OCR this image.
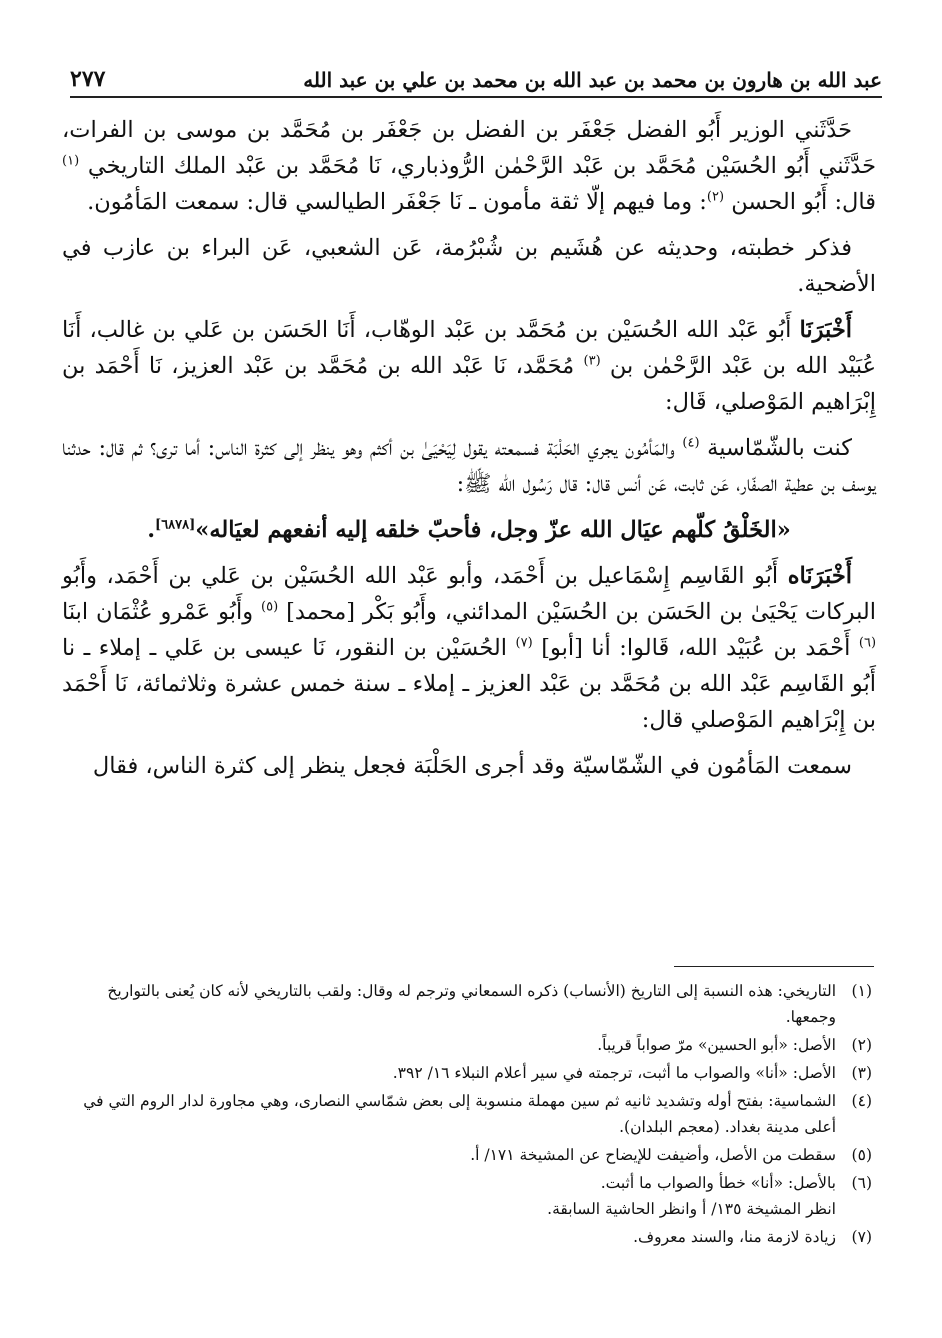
عبد الله بن هارون بن محمد بن عبد الله بن محمد بن علي بن عبد الله
٢٧٧

حَدَّثَني الوزير أَبُو الفضل جَعْفَر بن الفضل بن جَعْفَر بن مُحَمَّد بن موسى بن الفرات، حَدَّثَني أَبُو الحُسَيْن مُحَمَّد بن عَبْد الرَّحْمٰن الرُّوذباري، نَا مُحَمَّد بن عَبْد الملك التاريخي $^{(١)}$ قال: أَبُو الحسن $^{(٢)}$: وما فيهم إلّا ثقة مأمون ـ نَا جَعْفَر الطيالسي قال: سمعت المَأمُون.

فذكر خطبته، وحديثه عن هُشَيم بن شُبْرُمة، عَن الشعبي، عَن البراء بن عازب في الأضحية.

أَخْبَرَنَا أَبُو عَبْد الله الحُسَيْن بن مُحَمَّد بن عَبْد الوهّاب، أَنَا الحَسَن بن عَلي بن غالب، أَنَا عُبَيْد الله بن عَبْد الرَّحْمٰن بن $^{(٣)}$ مُحَمَّد، نَا عَبْد الله بن مُحَمَّد بن عَبْد العزيز، نَا أَحْمَد بن إِبْرَاهيم المَوْصلي، قَال:

كنت بالشّمّاسية $^{(٤)}$ والمَأمُون يجري الحَلْبَة فسمعته يقول لِيَحْيَىٰ بن أكثم وهو ينظر إلى كثرة الناس: أما ترى؟ ثم قال: حدثنا يوسف بن عطية الصفّار، عَن ثابت، عَن أنس قال: قال رَسُول الله ﷺ:

«الخَلْقُ كلّهم عيَال الله عزّ وجل، فأحبّ خلقه إليه أنفعهم لعيَاله»[٦٨٧٨].

أَخْبَرَنَاه أَبُو القَاسِم إِسْمَاعيل بن أَحْمَد، وأبو عَبْد الله الحُسَيْن بن عَلي بن أَحْمَد، وأَبُو البركات يَحْيَىٰ بن الحَسَن بن الحُسَيْن المدائني، وأَبُو بَكْر [محمد] $^{(٥)}$ وأَبُو عَمْرو عُثْمَان ابنَا $^{(٦)}$ أَحْمَد بن عُبَيْد الله، قَالوا: أنا [أبو] $^{(٧)}$ الحُسَيْن بن النقور، نَا عيسى بن عَلي ـ إملاء ـ نا أَبُو القَاسِم عَبْد الله بن مُحَمَّد بن عَبْد العزيز ـ إملاء ـ سنة خمس عشرة وثلاثمائة، نَا أَحْمَد بن إِبْرَاهيم المَوْصلي قال:

سمعت المَأمُون في الشّمّاسيّة وقد أجرى الحَلْبَة فجعل ينظر إلى كثرة الناس، فقال

(١)
التاريخي: هذه النسبة إلى التاريخ (الأنساب) ذكره السمعاني وترجم له وقال: ولقب بالتاريخي لأنه كان يُعنى بالتواريخ وجمعها.
(٢)
الأصل: «أبو الحسين» مرّ صواباً قريباً.
(٣)
الأصل: «أنا» والصواب ما أثبت، ترجمته في سير أعلام النبلاء ١٦/ ٣٩٢.
(٤)
الشماسية: بفتح أوله وتشديد ثانيه ثم سين مهملة منسوبة إلى بعض شمّاسي النصارى، وهي مجاورة لدار الروم التي في أعلى مدينة بغداد. (معجم البلدان).
(٥)
سقطت من الأصل، وأضيفت للإيضاح عن المشيخة ١٧١/ أ.
(٦)
بالأصل: «أنا» خطأ والصواب ما أثبت.
انظر المشيخة ١٣٥/ أ وانظر الحاشية السابقة.
(٧)
زيادة لازمة منا، والسند معروف.
